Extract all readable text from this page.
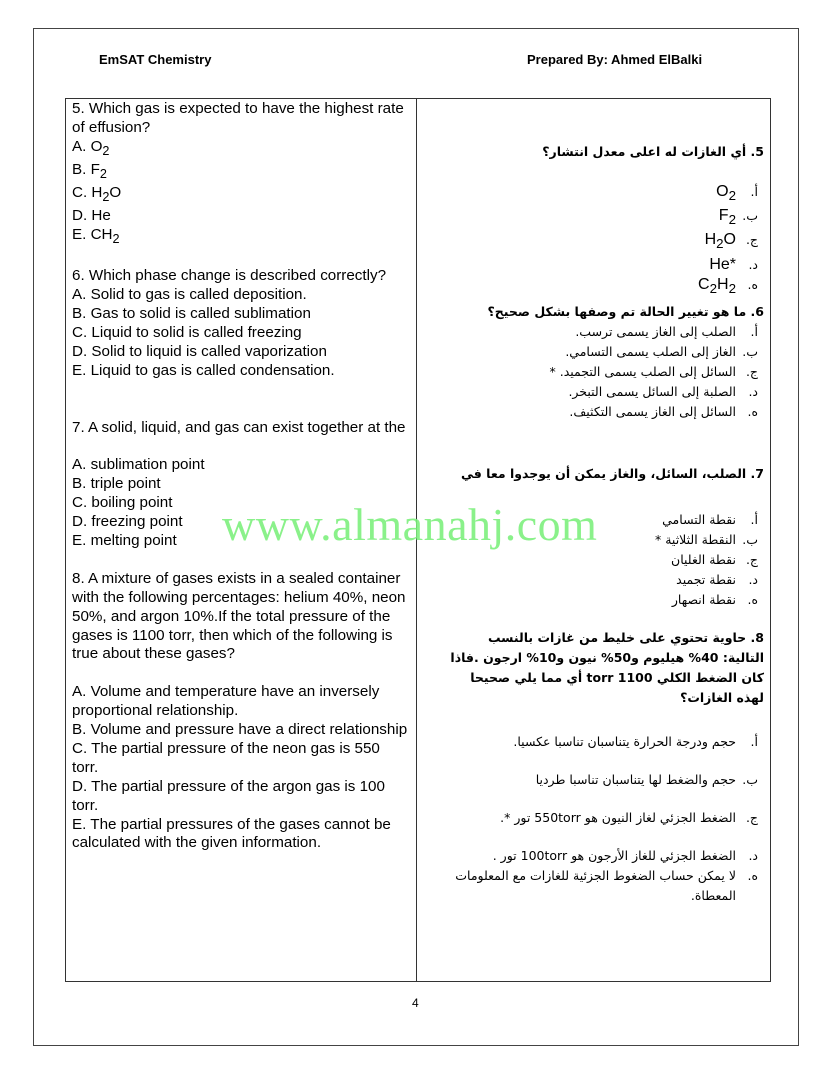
EmSAT Chemistry	Prepared By: Ahmed ElBalki

5. Which gas is expected to have the highest rate of effusion?

A. $O_2$

B. $F_2$

C. $H_2O$

D. He

E. $CH_2$

6. Which phase change is described correctly?

A. Solid to gas is called deposition.

B. Gas to solid is called sublimation

C. Liquid to solid is called freezing

D. Solid to liquid is called vaporization

E. Liquid to gas is called condensation.

7. A solid, liquid, and gas can exist together at the

A. sublimation point

B. triple point

C. boiling point

D. freezing point

E. melting point

8. A mixture of gases exists in a sealed container with the following percentages: helium 40%, neon 50%, and argon 10%.If the total pressure of the gases is 1100 torr, then which of the following is true about these gases?

A. Volume and temperature have an inversely proportional relationship.

B. Volume and pressure have a direct relationship

C. The partial pressure of the neon gas is 550 torr.

D. The partial pressure of the argon gas is 100 torr.

E. The partial pressures of the gases cannot be calculated with the given information.

5. أي الغازات له اعلى معدل انتشار؟
أ.
$O_2$
ب.
$F_2$
ج.
$H_2O$
د.
He*
ه.
$C_2H_2$
6. ما هو تغيير الحالة تم وصفها بشكل صحيح؟
أ.
الصلب إلى الغاز يسمى ترسب.
ب.
الغاز إلى الصلب يسمى التسامي.
ج.
السائل إلى الصلب يسمى التجميد. *
د.
الصلبة إلى السائل يسمى التبخر.
ه.
السائل إلى الغاز يسمى التكثيف.
7. الصلب، السائل، والغاز يمكن أن يوجدوا معا في
أ.
نقطة التسامي
ب.
النقطة الثلاثية *
ج.
نقطة الغليان
د.
نقطة تجميد
ه.
نقطة انصهار
8. حاوية تحتوي على خليط من غازات بالنسب التالية: 40% هيليوم و50% نيون و10% ارجون .فاذا كان الضغط الكلي 1100 torr أي مما يلي صحيحا لهذه الغازات؟
أ.
حجم ودرجة الحرارة يتناسبان تناسبا عكسيا.
ب.
حجم والضغط لها يتناسبان تناسبا طرديا
ج.
الضغط الجزئي لغاز النيون هو 550torr تور *.
د.
الضغط الجزئي للغاز الأرجون هو 100torr تور .
ه.
لا يمكن حساب الضغوط الجزئية للغازات مع المعلومات المعطاة.
www.almanahj.com
4
